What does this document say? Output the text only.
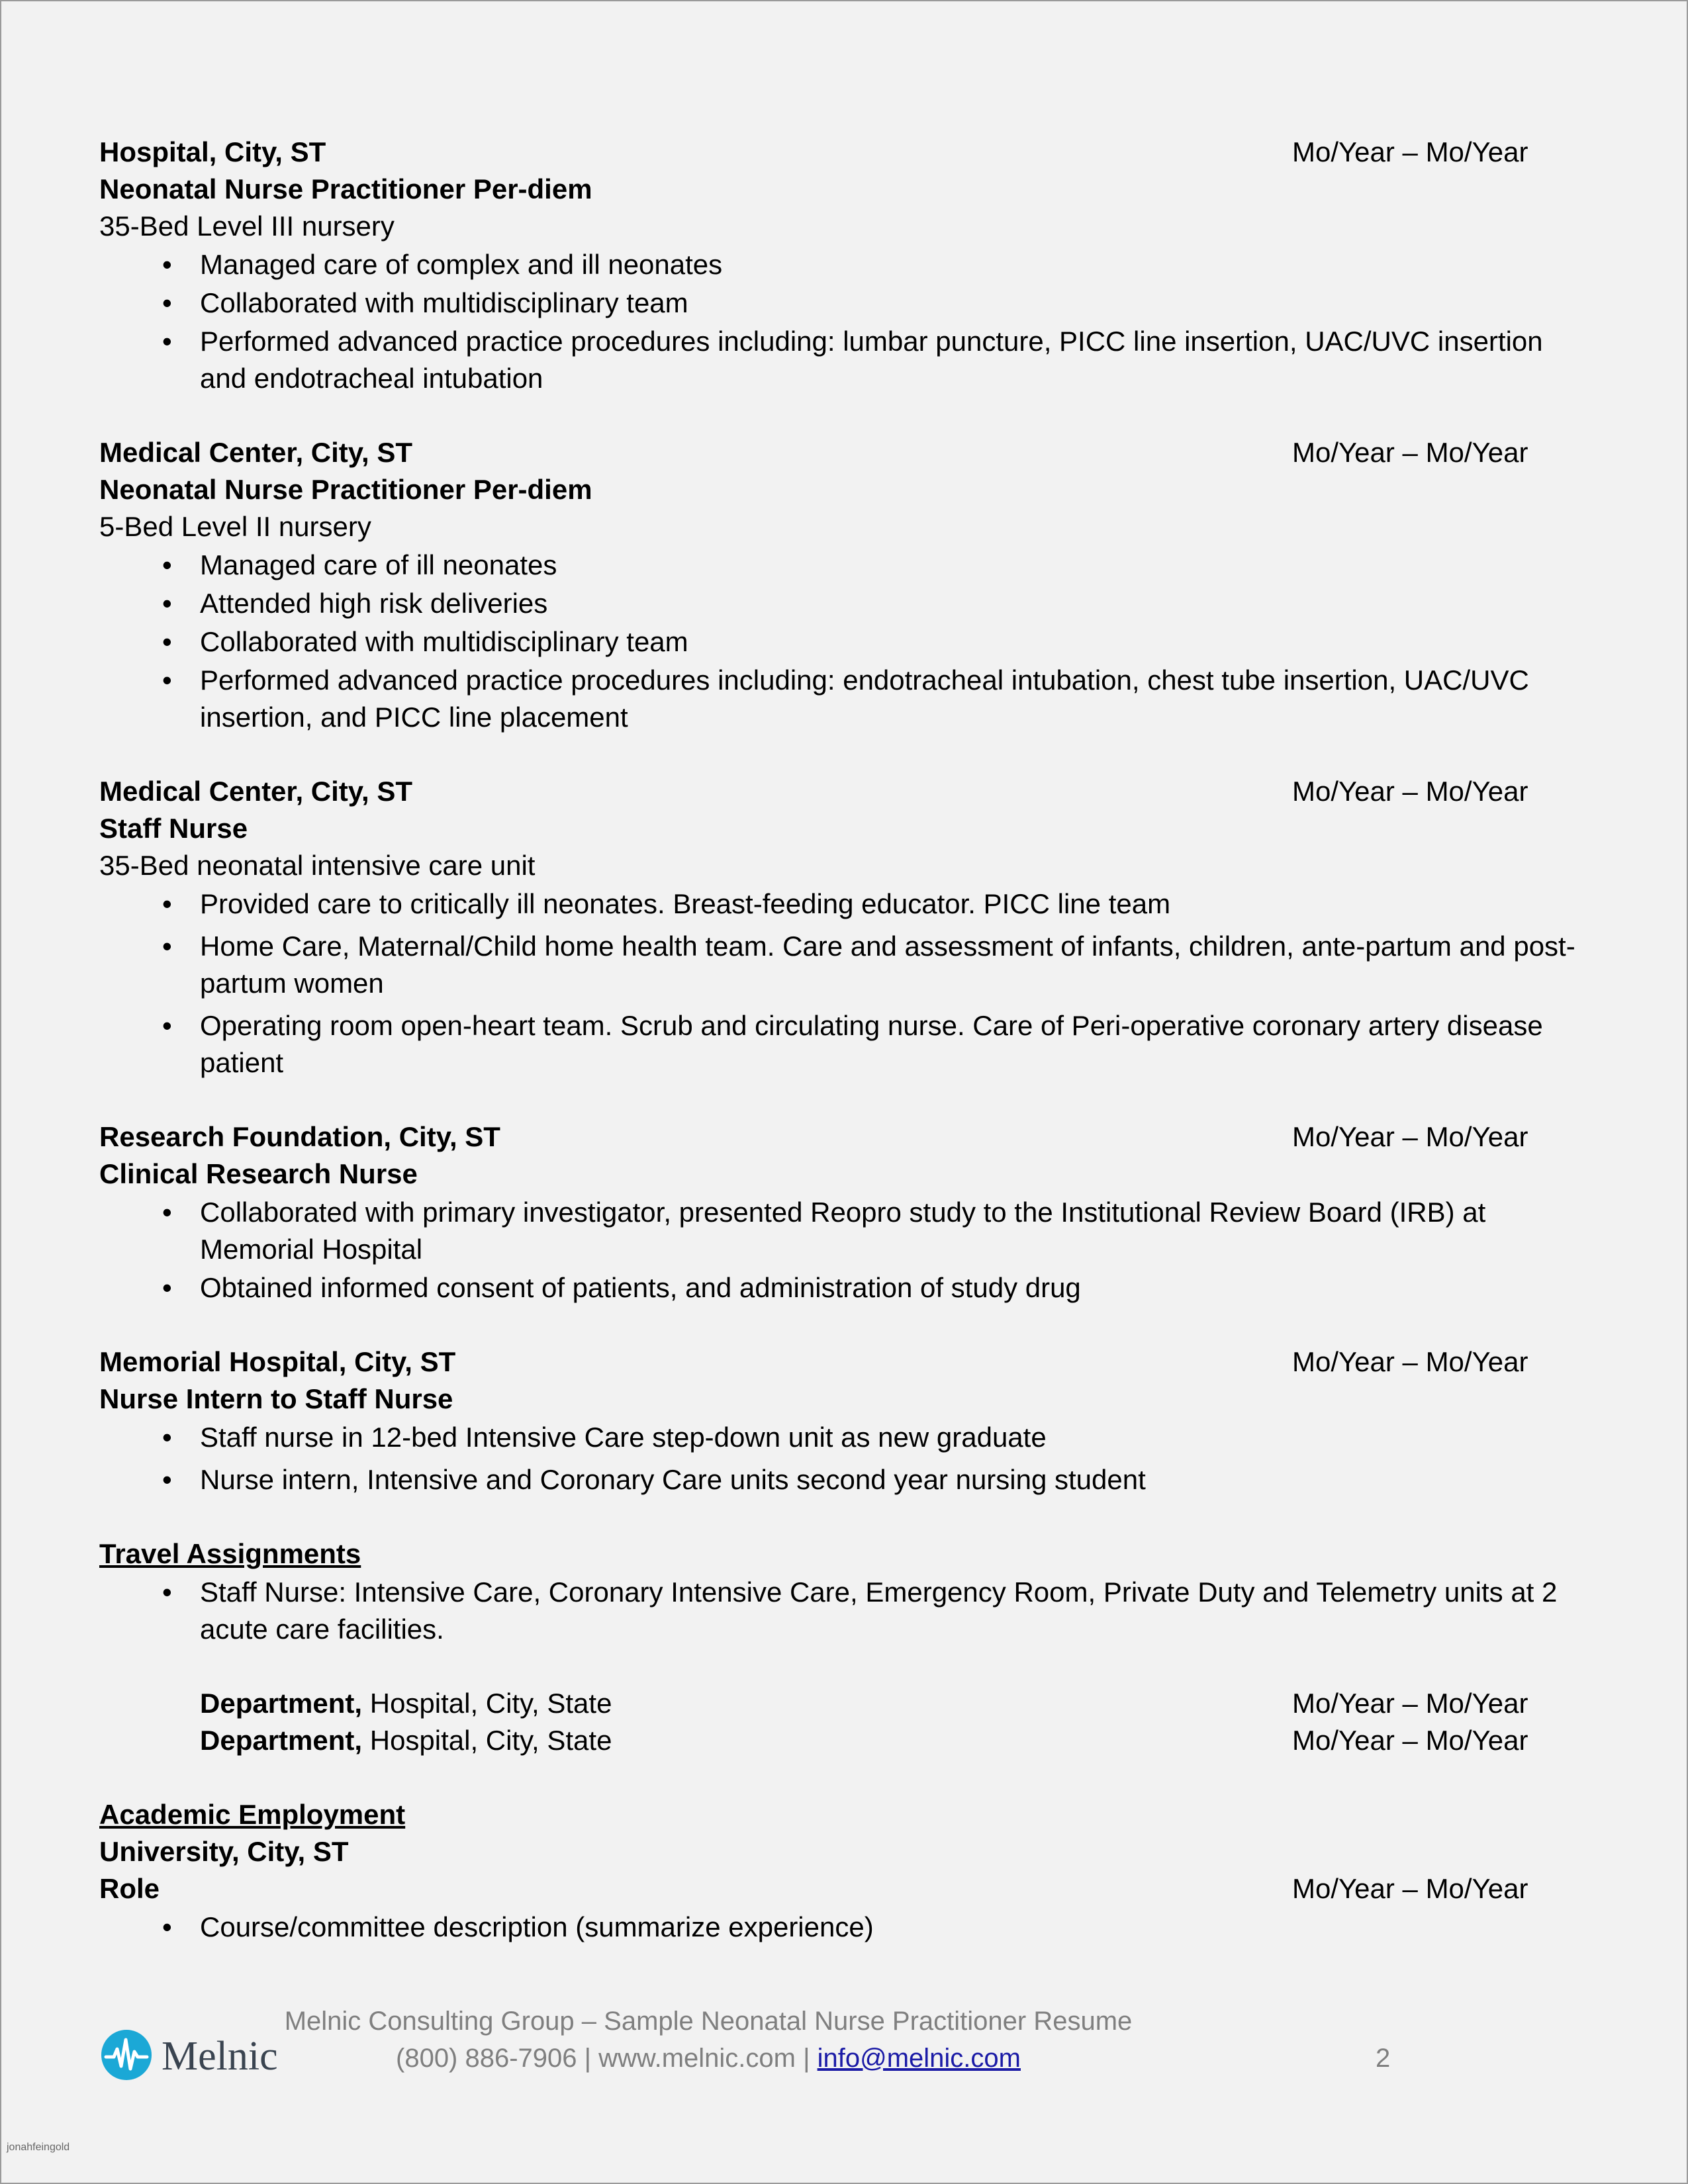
Hospital, City, ST	Mo/Year – Mo/Year
Neonatal Nurse Practitioner Per-diem
35-Bed Level III nursery
• Managed care of complex and ill neonates
• Collaborated with multidisciplinary team
• Performed advanced practice procedures including: lumbar puncture, PICC line insertion, UAC/UVC insertion and endotracheal intubation
Medical Center, City, ST	Mo/Year – Mo/Year
Neonatal Nurse Practitioner Per-diem
5-Bed Level II nursery
• Managed care of ill neonates
• Attended high risk deliveries
• Collaborated with multidisciplinary team
• Performed advanced practice procedures including: endotracheal intubation, chest tube insertion, UAC/UVC insertion, and PICC line placement
Medical Center, City, ST	Mo/Year – Mo/Year
Staff Nurse
35-Bed neonatal intensive care unit
• Provided care to critically ill neonates. Breast-feeding educator. PICC line team
• Home Care, Maternal/Child home health team. Care and assessment of infants, children, ante-partum and post-partum women
• Operating room open-heart team. Scrub and circulating nurse. Care of Peri-operative coronary artery disease patient
Research Foundation, City, ST	Mo/Year – Mo/Year
Clinical Research Nurse
• Collaborated with primary investigator, presented Reopro study to the Institutional Review Board (IRB) at Memorial Hospital
• Obtained informed consent of patients, and administration of study drug
Memorial Hospital, City, ST	Mo/Year – Mo/Year
Nurse Intern to Staff Nurse
• Staff nurse in 12-bed Intensive Care step-down unit as new graduate
• Nurse intern, Intensive and Coronary Care units second year nursing student
Travel Assignments
• Staff Nurse: Intensive Care, Coronary Intensive Care, Emergency Room, Private Duty and Telemetry units at 2 acute care facilities.
Department, Hospital, City, State	Mo/Year – Mo/Year
Department, Hospital, City, State	Mo/Year – Mo/Year
Academic Employment
University, City, ST
Role	Mo/Year – Mo/Year
• Course/committee description (summarize experience)
Melnic
Melnic Consulting Group – Sample Neonatal Nurse Practitioner Resume
(800) 886-7906 | www.melnic.com | info@melnic.com	2
jonahfeingold
